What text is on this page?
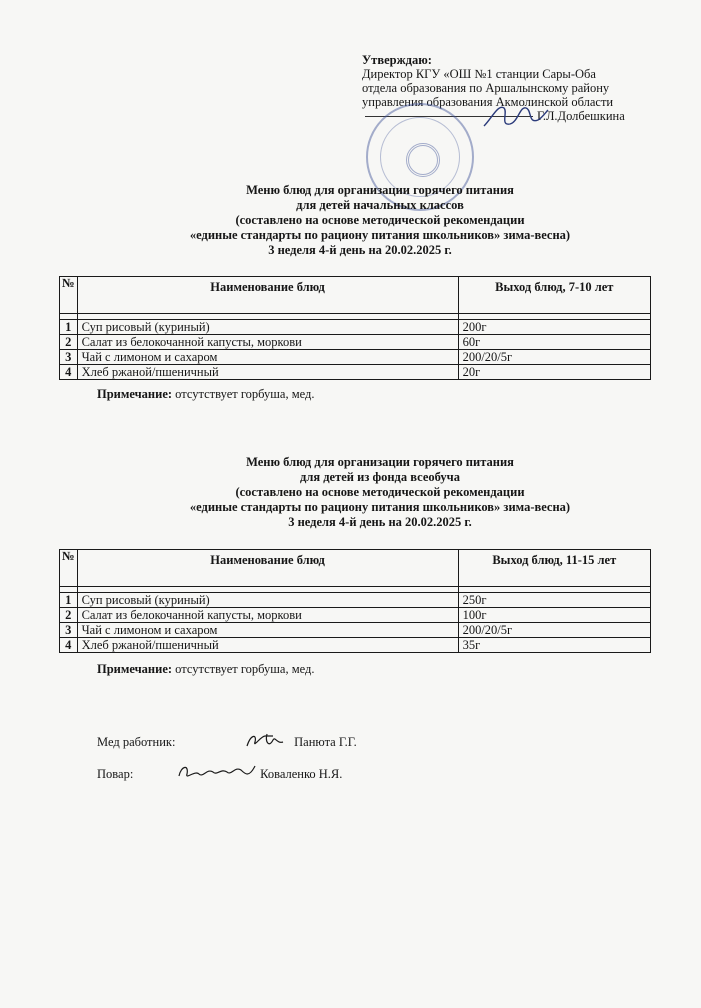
Утверждаю:
Директор КГУ «ОШ №1 станции Сары-Оба
отдела образования по Аршалынскому району
управления образования Акмолинской области
Г.Л.Долбешкина
Меню блюд для организации горячего питания
для детей начальных классов
(составлено на основе методической рекомендации
«единые стандарты по рациону питания школьников» зима-весна)
3 неделя 4-й день на 20.02.2025 г.
№	Наименование блюд	Выход блюд, 7-10 лет

1	Суп рисовый (куриный)	200г
2	Салат из белокочанной капусты, моркови	60г
3	Чай с лимоном и сахаром	200/20/5г
4	Хлеб ржаной/пшеничный	20г
Примечание: отсутствует горбуша, мед.
Меню блюд для организации горячего питания
для детей из фонда всеобуча
(составлено на основе методической рекомендации
«единые стандарты по рациону питания школьников» зима-весна)
3 неделя 4-й день на 20.02.2025 г.
№	Наименование блюд	Выход блюд, 11-15 лет

1	Суп рисовый (куриный)	250г
2	Салат из белокочанной капусты, моркови	100г
3	Чай с лимоном и сахаром	200/20/5г
4	Хлеб ржаной/пшеничный	35г
Примечание: отсутствует горбуша, мед.
Мед работник:	Панюта Г.Г.
Повар:	Коваленко Н.Я.
